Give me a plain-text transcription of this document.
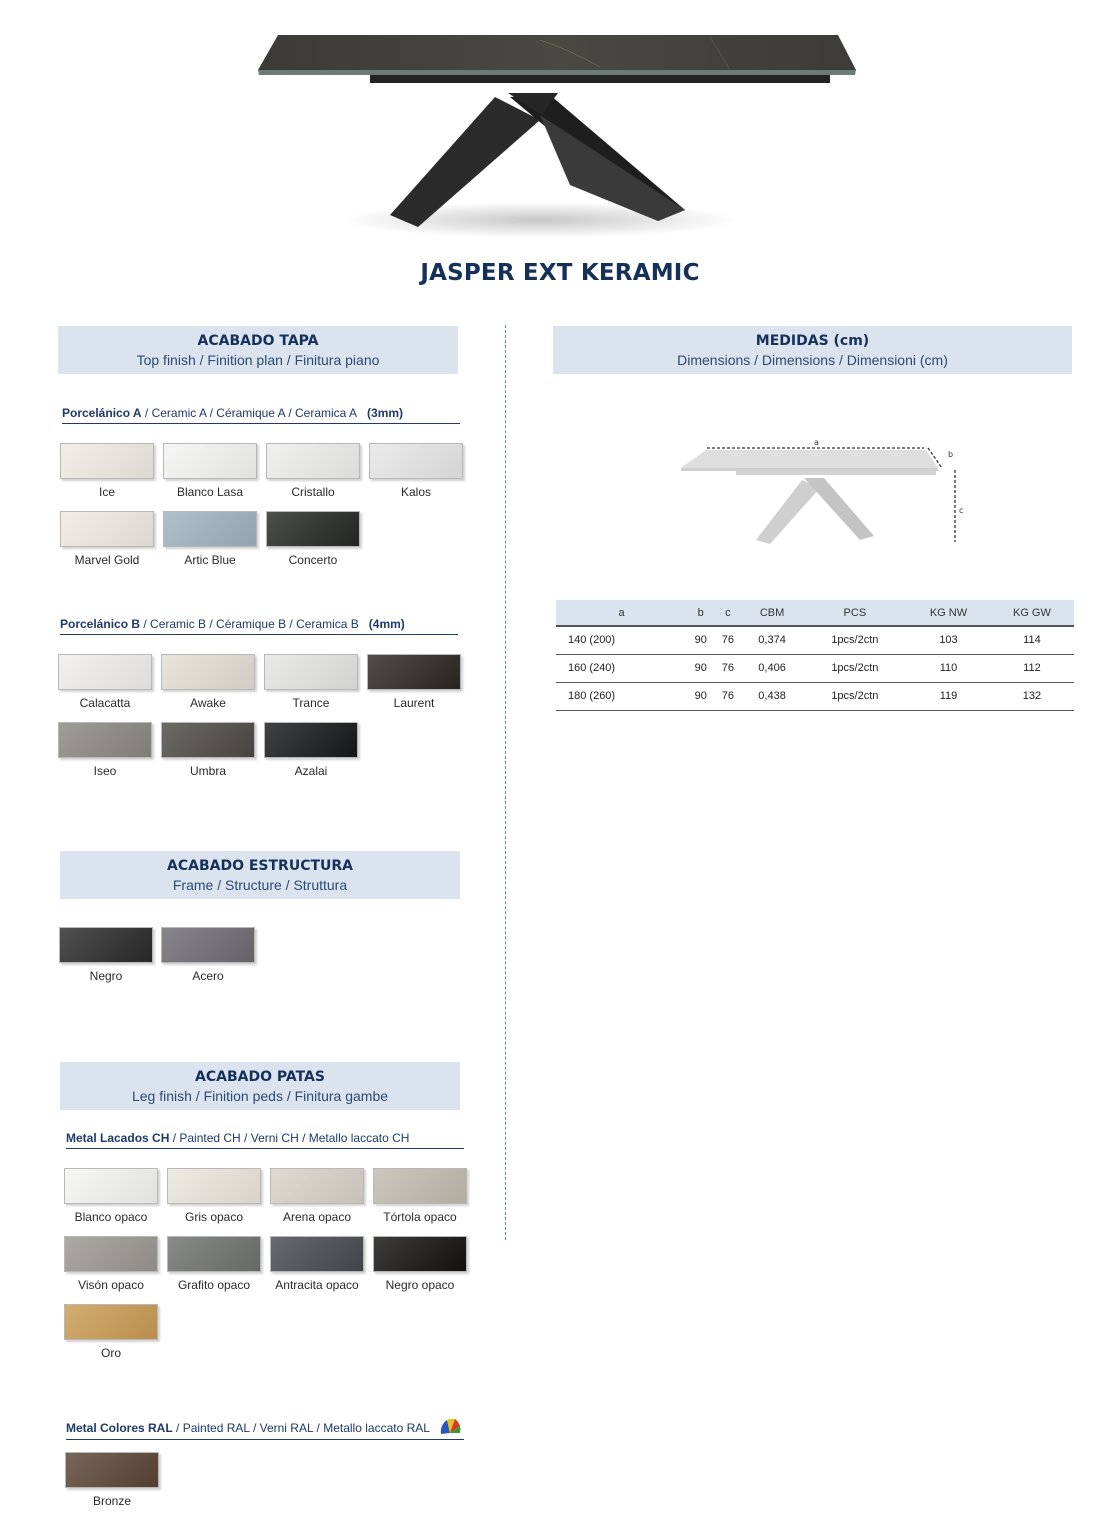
JASPER EXT KERAMIC
ACABADO TAPA
Top finish / Finition plan / Finitura piano
Porcelánico A / Ceramic A / Céramique A / Ceramica A (3mm)
Porcelánico B / Ceramic B / Céramique B / Ceramica B (4mm)
ACABADO ESTRUCTURA
Frame / Structure / Struttura
ACABADO PATAS
Leg finish / Finition peds / Finitura gambe
Metal Lacados CH / Painted CH / Verni CH / Metallo laccato CH
Metal Colores RAL / Painted RAL / Verni RAL / Metallo laccato RAL
MEDIDAS (cm)
Dimensions / Dimensions / Dimensioni (cm)
a
b
c
a	b	c	CBM	PCS	KG NW	KG GW
140 (200)	90	76	0,374	1pcs/2ctn	103	114
160 (240)	90	76	0,406	1pcs/2ctn	110	112
180 (260)	90	76	0,438	1pcs/2ctn	119	132
Ice	Blanco Lasa	Cristallo	Kalos
Marvel Gold	Artic Blue	Concerto
Calacatta	Awake	Trance	Laurent
Iseo	Umbra	Azalai
Negro	Acero
Blanco opaco	Gris opaco	Arena opaco	Tórtola opaco
Visón opaco	Grafito opaco	Antracita opaco	Negro opaco
Oro
Bronze
